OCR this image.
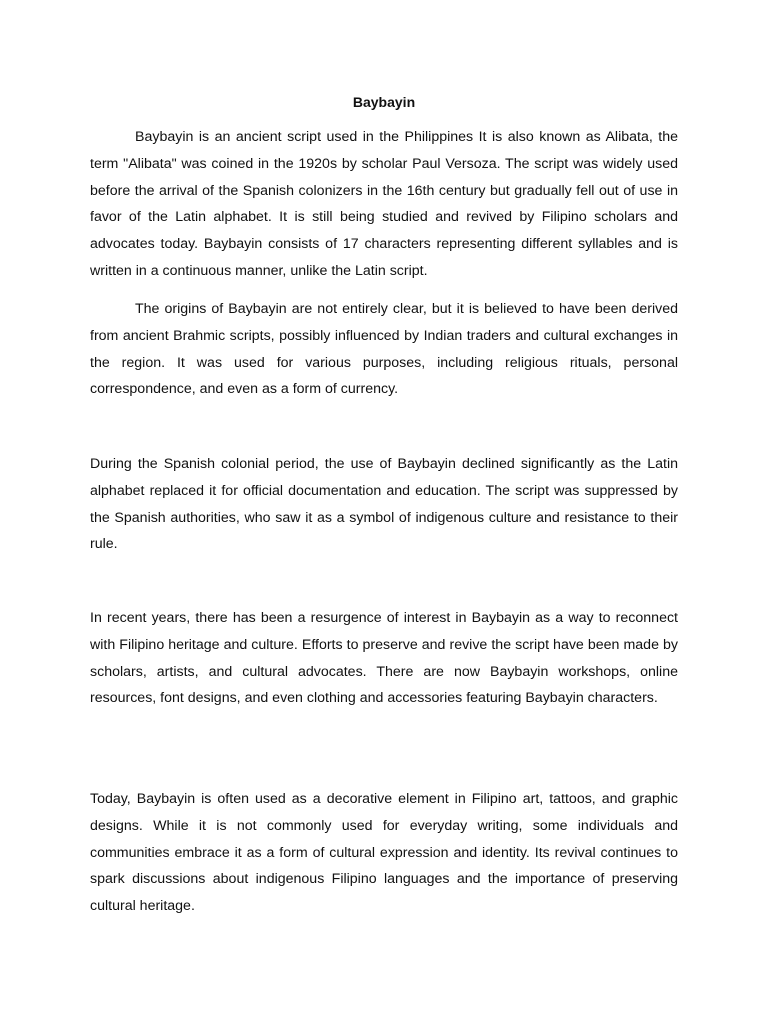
Baybayin

Baybayin is an ancient script used in the Philippines It is also known as Alibata, the term "Alibata" was coined in the 1920s by scholar Paul Versoza. The script was widely used before the arrival of the Spanish colonizers in the 16th century but gradually fell out of use in favor of the Latin alphabet. It is still being studied and revived by Filipino scholars and advocates today. Baybayin consists of 17 characters representing different syllables and is written in a continuous manner, unlike the Latin script.

The origins of Baybayin are not entirely clear, but it is believed to have been derived from ancient Brahmic scripts, possibly influenced by Indian traders and cultural exchanges in the region. It was used for various purposes, including religious rituals, personal correspondence, and even as a form of currency.

During the Spanish colonial period, the use of Baybayin declined significantly as the Latin alphabet replaced it for official documentation and education. The script was suppressed by the Spanish authorities, who saw it as a symbol of indigenous culture and resistance to their rule.

In recent years, there has been a resurgence of interest in Baybayin as a way to reconnect with Filipino heritage and culture. Efforts to preserve and revive the script have been made by scholars, artists, and cultural advocates. There are now Baybayin workshops, online resources, font designs, and even clothing and accessories featuring Baybayin characters.

Today, Baybayin is often used as a decorative element in Filipino art, tattoos, and graphic designs. While it is not commonly used for everyday writing, some individuals and communities embrace it as a form of cultural expression and identity. Its revival continues to spark discussions about indigenous Filipino languages and the importance of preserving cultural heritage.
